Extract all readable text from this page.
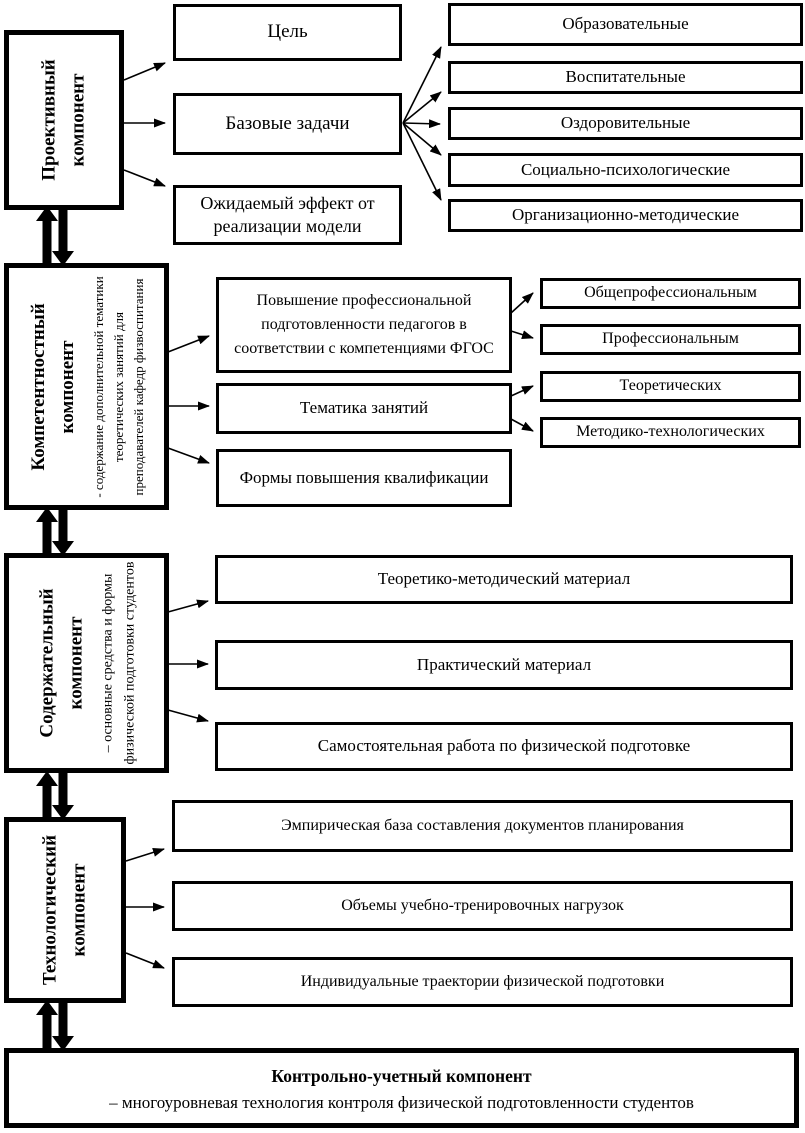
Проективный компонент
Цель
Базовые задачи
Ожидаемый эффект от реализации модели
Образовательные
Воспитательные
Оздоровительные
Социально-психологические
Организационно-методические
Компетентностный компонент	- содержание дополнительной тематики теоретических занятий для преподавателей кафедр физвоспитания	Повышение профессиональной подготовленности педагогов в соответствии с компетенциями ФГОС
Тематика занятий
Формы повышения квалификации
Общепрофессиональным
Профессиональным
Теоретических
Методико-технологических
Содержательный компонент	– основные средства и формы физической подготовки студентов	Теоретико-методический материал
Практический материал
Самостоятельная работа по физической подготовке
Технологический компонент
Эмпирическая база составления документов планирования
Объемы учебно-тренировочных нагрузок
Индивидуальные траектории физической подготовки
Контрольно-учетный компонент
– многоуровневая технология контроля физической подготовленности студентов
